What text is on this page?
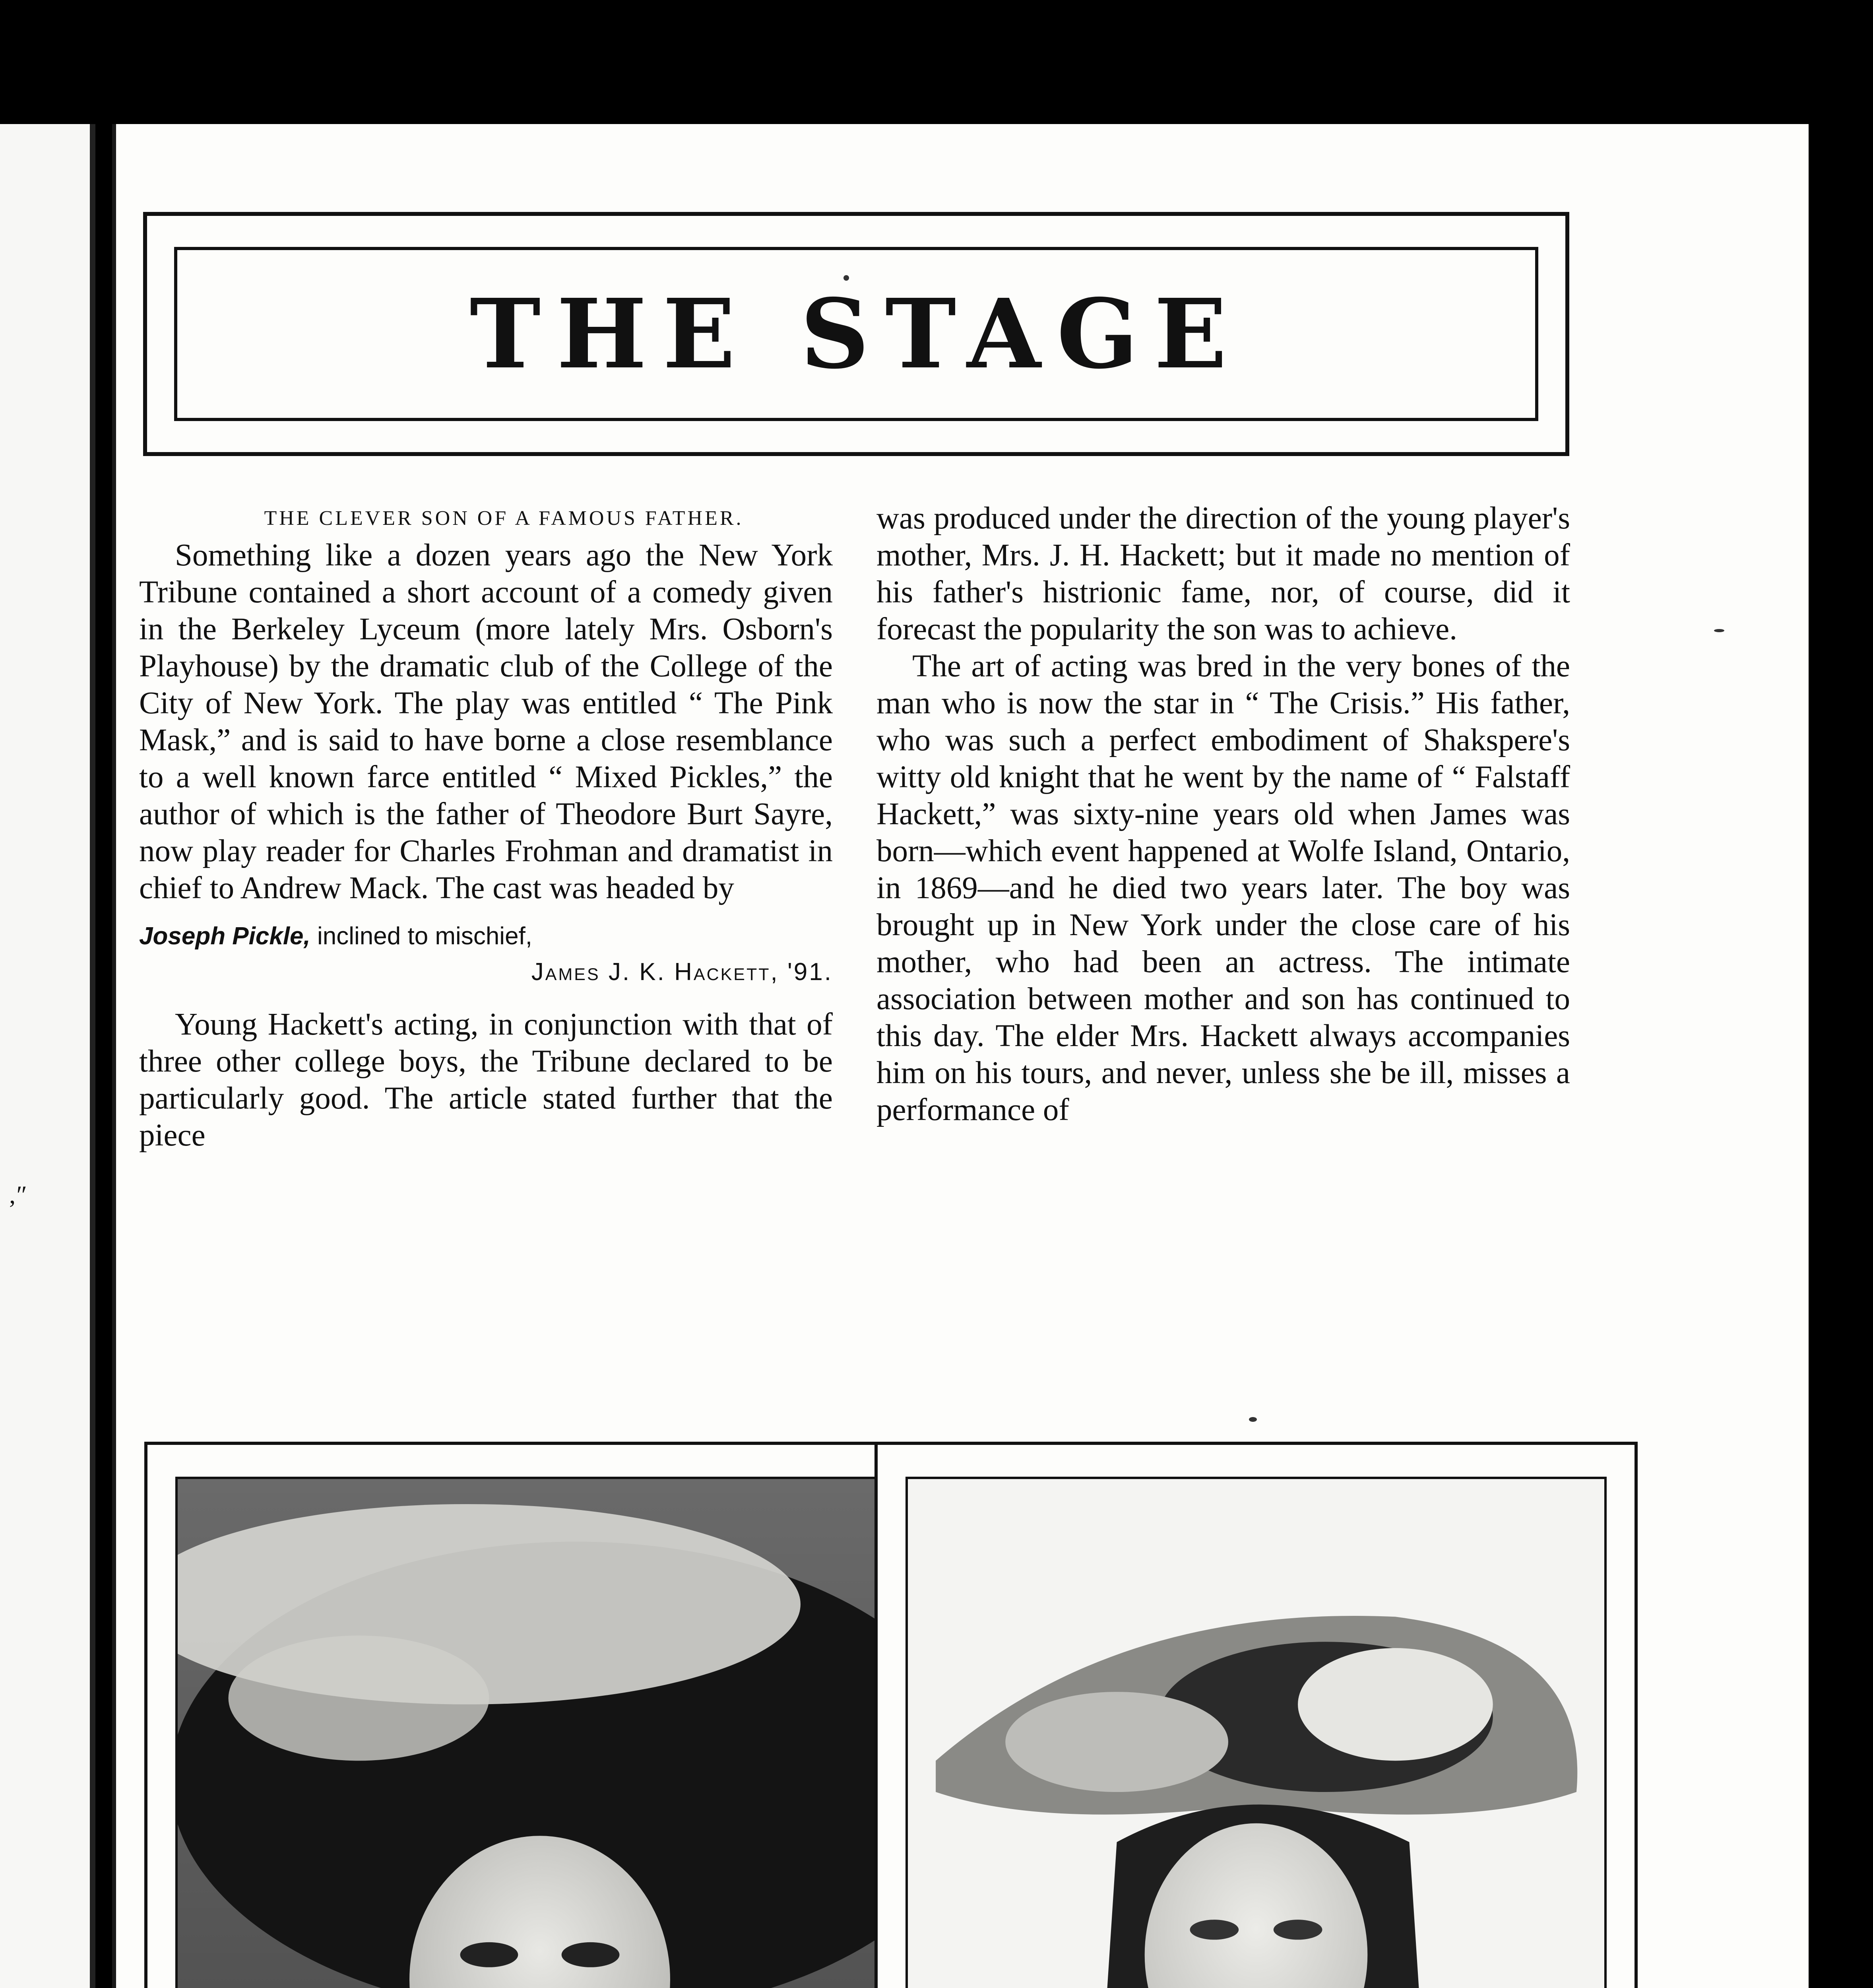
‚″
THE STAGE

THE CLEVER SON OF A FAMOUS FATHER.

Something like a dozen years ago the New York Tribune contained a short account of a comedy given in the Berkeley Lyceum (more lately Mrs. Osborn's Playhouse) by the dramatic club of the College of the City of New York. The play was entitled “ The Pink Mask,” and is said to have borne a close resemblance to a well known farce entitled “ Mixed Pickles,” the author of which is the father of Theodore Burt Sayre, now play reader for Charles Frohman and dramatist in chief to Andrew Mack. The cast was headed by

Joseph Pickle, inclined to mischief,
James J. K. Hackett, '91.

Young Hackett's acting, in conjunction with that of three other college boys, the Tribune declared to be particularly good. The article stated further that the piece

was produced under the direction of the young player's mother, Mrs. J. H. Hackett; but it made no mention of his father's histrionic fame, nor, of course, did it forecast the popularity the son was to achieve.

The art of acting was bred in the very bones of the man who is now the star in “ The Crisis.” His father, who was such a perfect embodiment of Shakspere's witty old knight that he went by the name of “ Falstaff Hackett,” was sixty-nine years old when James was born—which event happened at Wolfe Island, Ontario, in 1869—and he died two years later. The boy was brought up in New York under the close care of his mother, who had been an actress. The intimate association between mother and son has continued to this day. The elder Mrs. Hackett always accompanies him on his tours, and never, unless she be ill, misses a performance of
